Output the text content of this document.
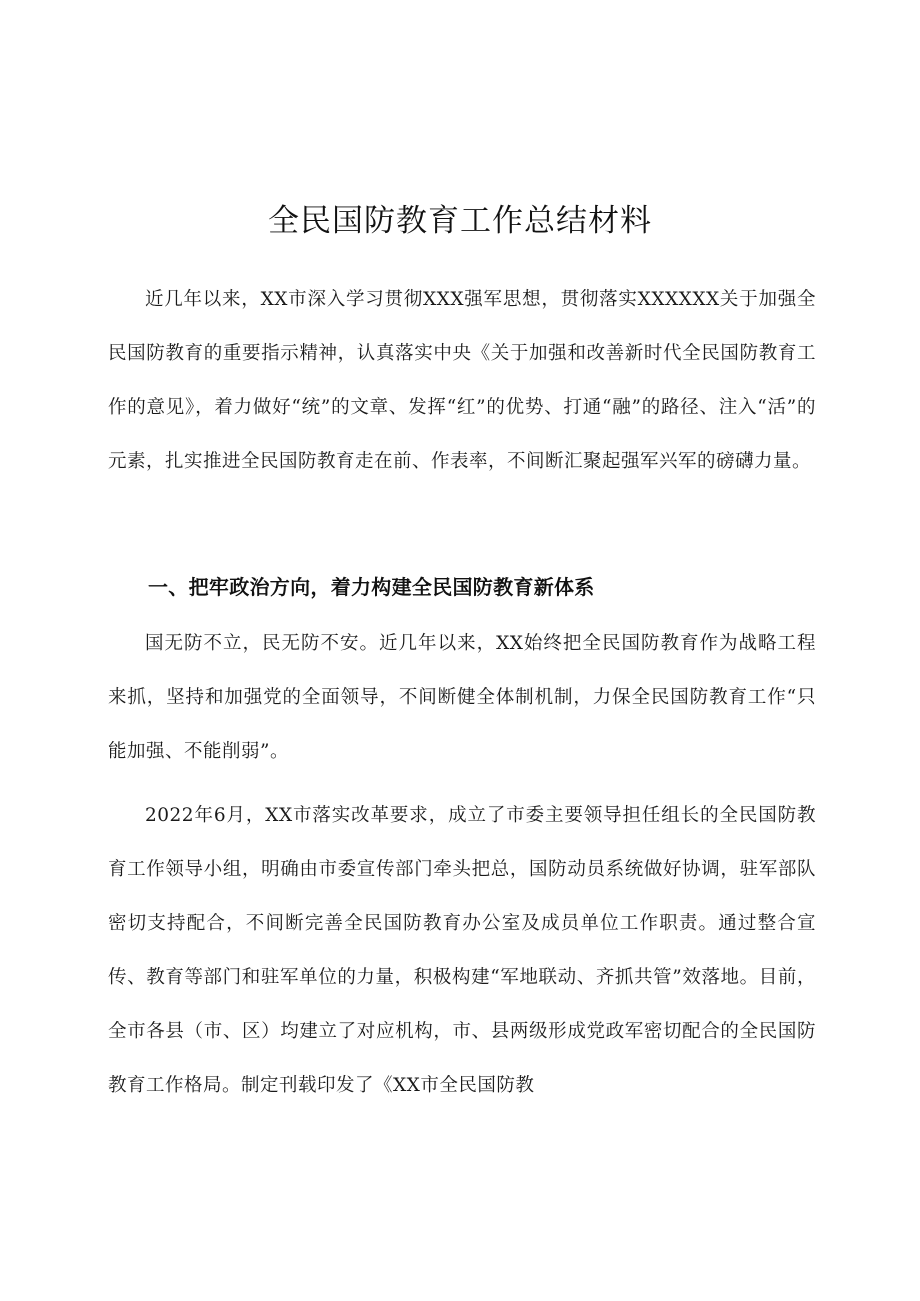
全民国防教育工作总结材料

近几年以来，XX市深入学习贯彻XXX强军思想，贯彻落实XXXXXX关于加强全民国防教育的重要指示精神，认真落实中央《关于加强和改善新时代全民国防教育工作的意见》，着力做好“统”的文章、发挥“红”的优势、打通“融”的路径、注入“活”的元素，扎实推进全民国防教育走在前、作表率，不间断汇聚起强军兴军的磅礴力量。

一、把牢政治方向，着力构建全民国防教育新体系

国无防不立，民无防不安。近几年以来，XX始终把全民国防教育作为战略工程来抓，坚持和加强党的全面领导，不间断健全体制机制，力保全民国防教育工作“只能加强、不能削弱”。

2022年6月，XX市落实改革要求，成立了市委主要领导担任组长的全民国防教育工作领导小组，明确由市委宣传部门牵头把总，国防动员系统做好协调，驻军部队密切支持配合，不间断完善全民国防教育办公室及成员单位工作职责。通过整合宣传、教育等部门和驻军单位的力量，积极构建“军地联动、齐抓共管”效落地。目前，全市各县（市、区）均建立了对应机构，市、县两级形成党政军密切配合的全民国防教育工作格局。制定刊载印发了《XX市全民国防教
